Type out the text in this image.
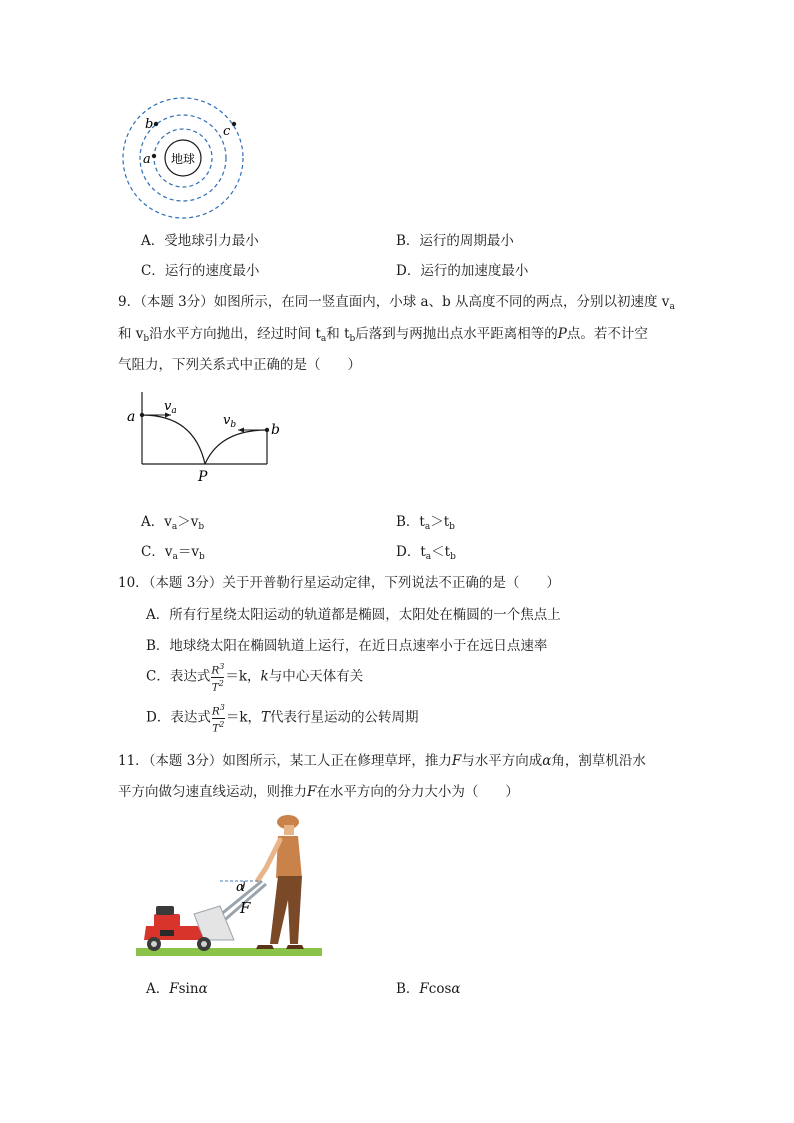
地球
a
b	c
A．受地球引力最小	B．运行的周期最小
C．运行的速度最小	D．运行的加速度最小
9．（本题 3分）如图所示，在同一竖直面内，小球 a、b 从高度不同的两点，分别以初速度 $v_a$
和 $v_b$沿水平方向抛出，经过时间 $t_a$和 $t_b$后落到与两抛出点水平距离相等的P点。若不计空
气阻力，下列关系式中正确的是（　　）
a
b
$v_a$
$v_b$
P
A．$v_a>v_b$	B．$t_a>t_b$
C．$v_a=v_b$	D．$t_a<t_b$
10．（本题 3分）关于开普勒行星运动定律，下列说法不正确的是（　　）
A．所有行星绕太阳运动的轨道都是椭圆，太阳处在椭圆的一个焦点上
B．地球绕太阳在椭圆轨道上运行，在近日点速率小于在远日点速率
C．表达式 $\frac{R^3}{T^2} =k$，k与中心天体有关
D．表达式 $\frac{R^3}{T^2} =k$，T代表行星运动的公转周期
11．（本题 3分）如图所示，某工人正在修理草坪，推力F与水平方向成α角，割草机沿水
平方向做匀速直线运动，则推力F在水平方向的分力大小为（　　）
α
F
A．Fsinα	B．Fcosα
